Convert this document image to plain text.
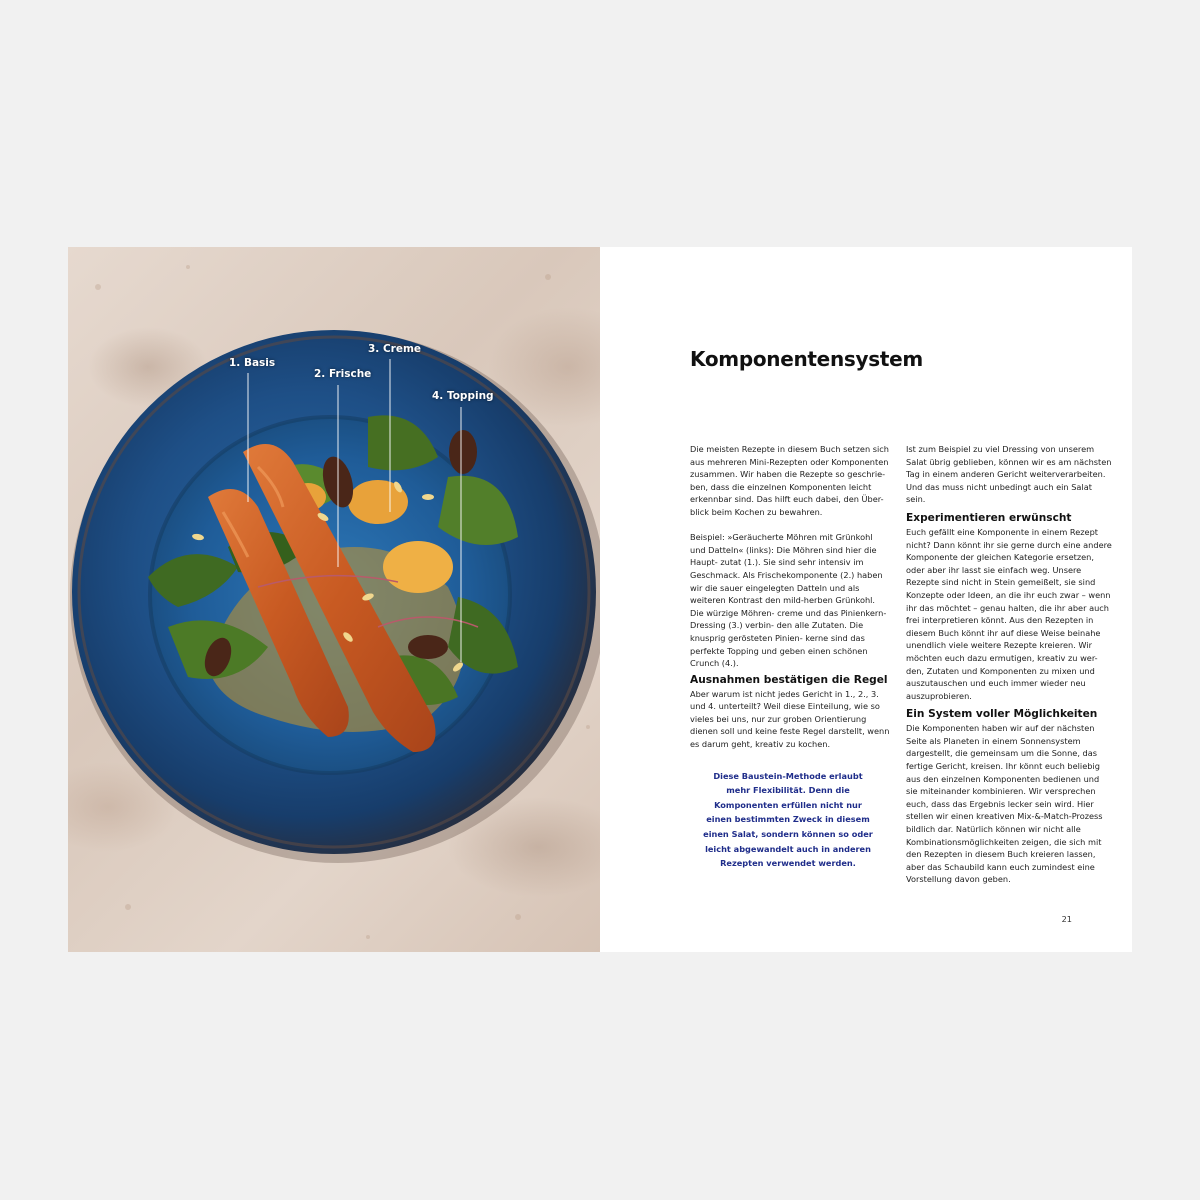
1. Basis
2. Frische
3. Creme
4. Topping
Komponentensystem

Die meisten Rezepte in diesem Buch setzen sich aus mehreren Mini-Rezepten oder Komponenten zusammen. Wir haben die Rezepte so geschrie- ben, dass die einzelnen Komponenten leicht erkennbar sind. Das hilft euch dabei, den Über- blick beim Kochen zu bewahren.

Beispiel: »Geräucherte Möhren mit Grünkohl und Datteln« (links): Die Möhren sind hier die Haupt- zutat (1.). Sie sind sehr intensiv im Geschmack. Als Frischekomponente (2.) haben wir die sauer eingelegten Datteln und als weiteren Kontrast den mild-herben Grünkohl. Die würzige Möhren- creme und das Pinienkern-Dressing (3.) verbin- den alle Zutaten. Die knusprig gerösteten Pinien- kerne sind das perfekte Topping und geben einen schönen Crunch (4.).

Ausnahmen bestätigen die Regel

Aber warum ist nicht jedes Gericht in 1., 2., 3. und 4. unterteilt? Weil diese Einteilung, wie so vieles bei uns, nur zur groben Orientierung dienen soll und keine feste Regel darstellt, wenn es darum geht, kreativ zu kochen.

Diese Baustein-Methode erlaubt mehr Flexibilität. Denn die Komponenten erfüllen nicht nur einen bestimmten Zweck in diesem einen Salat, sondern können so oder leicht abgewandelt auch in anderen Rezepten verwendet werden.

Ist zum Beispiel zu viel Dressing von unserem Salat übrig geblieben, können wir es am nächsten Tag in einem anderen Gericht weiterverarbeiten. Und das muss nicht unbedingt auch ein Salat sein.

Experimentieren erwünscht

Euch gefällt eine Komponente in einem Rezept nicht? Dann könnt ihr sie gerne durch eine andere Komponente der gleichen Kategorie ersetzen, oder aber ihr lasst sie einfach weg. Unsere Rezepte sind nicht in Stein gemeißelt, sie sind Konzepte oder Ideen, an die ihr euch zwar – wenn ihr das möchtet – genau halten, die ihr aber auch frei interpretieren könnt. Aus den Rezepten in diesem Buch könnt ihr auf diese Weise beinahe unendlich viele weitere Rezepte kreieren. Wir möchten euch dazu ermutigen, kreativ zu wer- den, Zutaten und Komponenten zu mixen und auszutauschen und euch immer wieder neu auszuprobieren.

Ein System voller Möglichkeiten

Die Komponenten haben wir auf der nächsten Seite als Planeten in einem Sonnensystem dargestellt, die gemeinsam um die Sonne, das fertige Gericht, kreisen. Ihr könnt euch beliebig aus den einzelnen Komponenten bedienen und sie miteinander kombinieren. Wir versprechen euch, dass das Ergebnis lecker sein wird. Hier stellen wir einen kreativen Mix-&-Match-Prozess bildlich dar. Natürlich können wir nicht alle Kombinationsmöglichkeiten zeigen, die sich mit den Rezepten in diesem Buch kreieren lassen, aber das Schaubild kann euch zumindest eine Vorstellung davon geben.

21
